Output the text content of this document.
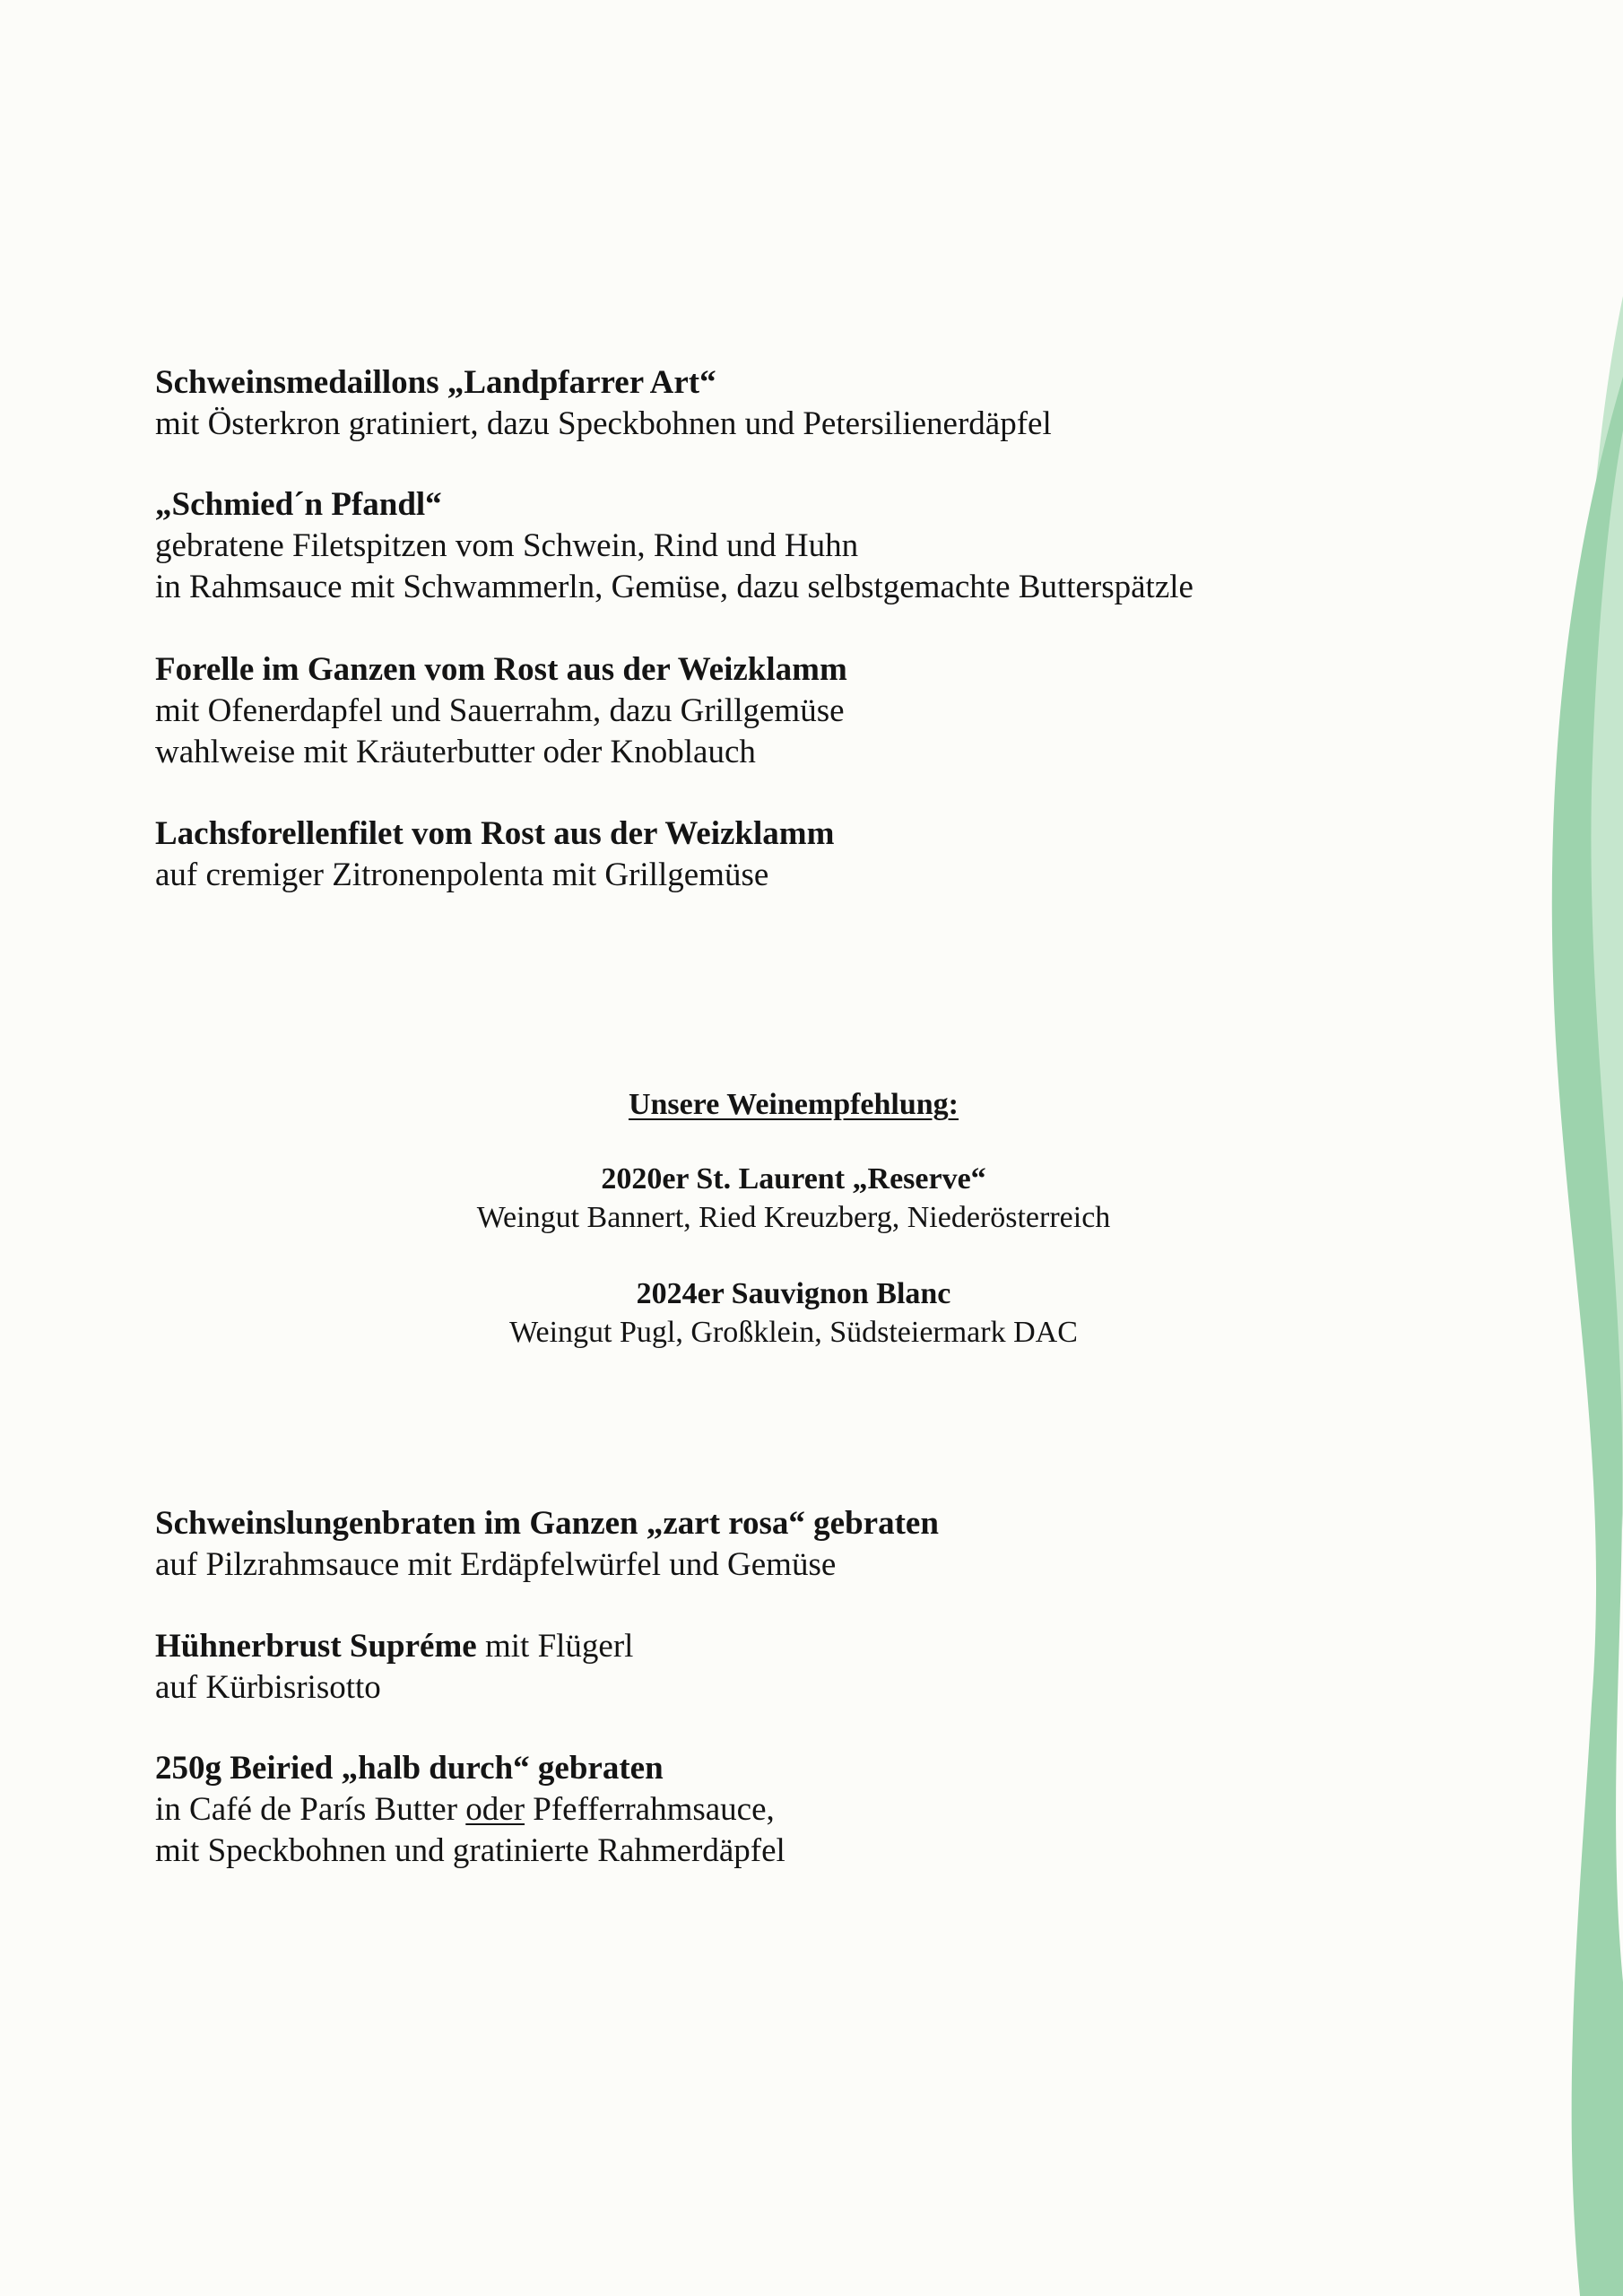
Schweinsmedaillons „Landpfarrer Art“
mit Österkron gratiniert, dazu Speckbohnen und Petersilienerdäpfel
„Schmied´n Pfandl“
gebratene Filetspitzen vom Schwein, Rind und Huhn
in Rahmsauce mit Schwammerln, Gemüse, dazu selbstgemachte Butterspätzle
Forelle im Ganzen vom Rost aus der Weizklamm
mit Ofenerdapfel und Sauerrahm, dazu Grillgemüse
wahlweise mit Kräuterbutter oder Knoblauch
Lachsforellenfilet vom Rost aus der Weizklamm
auf cremiger Zitronenpolenta mit Grillgemüse
Unsere Weinempfehlung:
2020er St. Laurent „Reserve“
Weingut Bannert, Ried Kreuzberg, Niederösterreich
2024er Sauvignon Blanc
Weingut Pugl, Großklein, Südsteiermark DAC
Schweinslungenbraten im Ganzen „zart rosa“ gebraten
auf Pilzrahmsauce mit Erdäpfelwürfel und Gemüse
Hühnerbrust Supréme mit Flügerl
auf Kürbisrisotto
250g Beiried „halb durch“ gebraten
in Café de París Butter oder Pfefferrahmsauce,
mit Speckbohnen und gratinierte Rahmerdäpfel
